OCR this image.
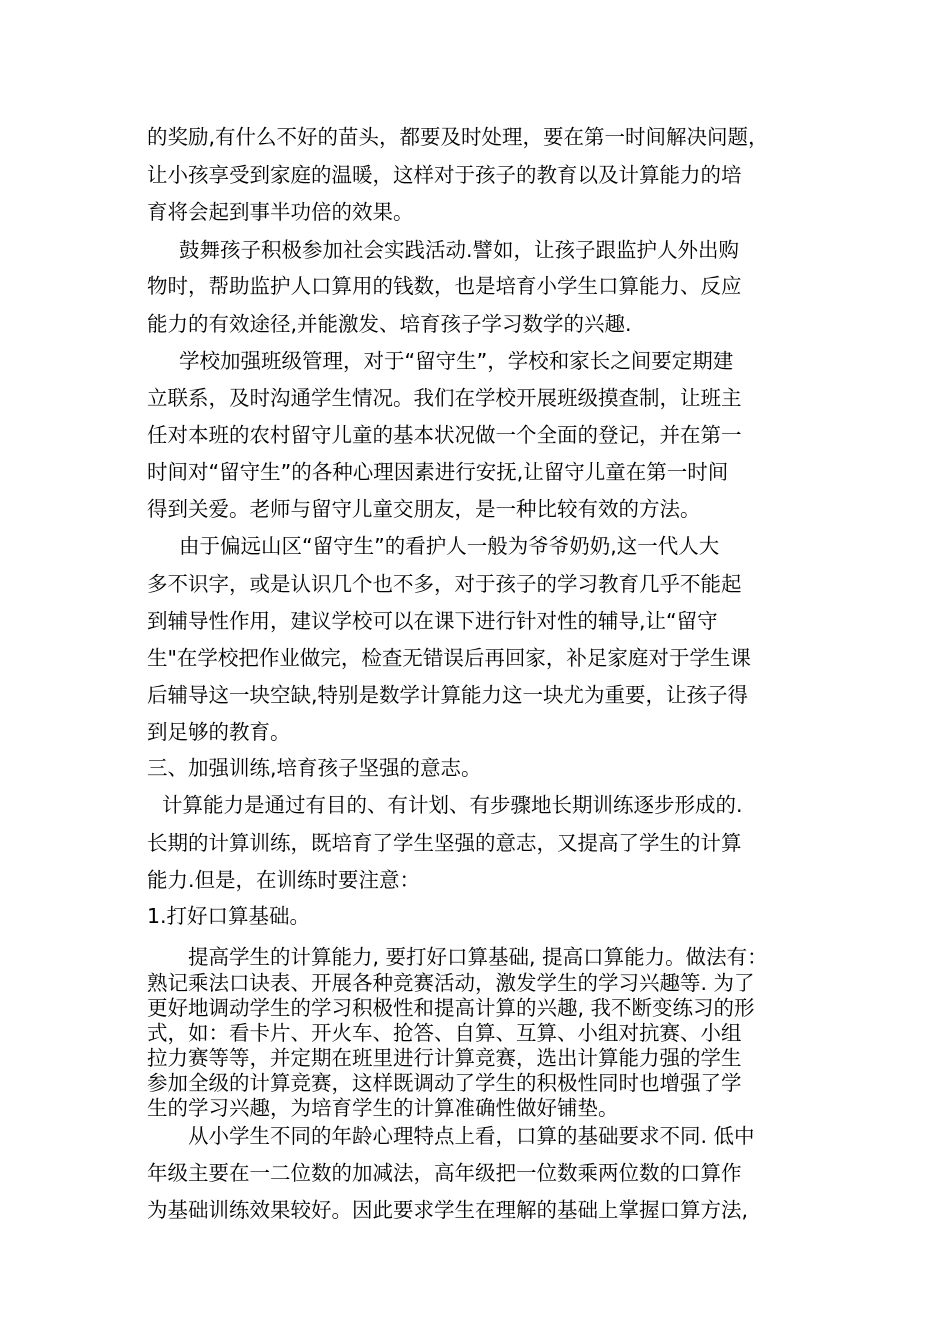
的奖励,有什么不好的苗头，都要及时处理，要在第一时间解决问题，

让小孩享受到家庭的温暖，这样对于孩子的教育以及计算能力的培

育将会起到事半功倍的效果。

鼓舞孩子积极参加社会实践活动.譬如，让孩子跟监护人外出购

物时，帮助监护人口算用的钱数，也是培育小学生口算能力、反应

能力的有效途径,并能激发、培育孩子学习数学的兴趣.

学校加强班级管理，对于“留守生”，学校和家长之间要定期建

立联系，及时沟通学生情况。我们在学校开展班级摸查制，让班主

任对本班的农村留守儿童的基本状况做一个全面的登记，并在第一

时间对“留守生”的各种心理因素进行安抚,让留守儿童在第一时间

得到关爱。老师与留守儿童交朋友，是一种比较有效的方法。

由于偏远山区“留守生”的看护人一般为爷爷奶奶,这一代人大

多不识字，或是认识几个也不多，对于孩子的学习教育几乎不能起

到辅导性作用，建议学校可以在课下进行针对性的辅导,让“留守

生"在学校把作业做完，检查无错误后再回家，补足家庭对于学生课

后辅导这一块空缺,特别是数学计算能力这一块尤为重要，让孩子得

到足够的教育。

三、加强训练,培育孩子坚强的意志。

计算能力是通过有目的、有计划、有步骤地长期训练逐步形成的.

长期的计算训练，既培育了学生坚强的意志，又提高了学生的计算

能力.但是，在训练时要注意：

1.打好口算基础。

提高学生的计算能力, 要打好口算基础, 提高口算能力。做法有：

熟记乘法口诀表、开展各种竞赛活动，激发学生的学习兴趣等. 为了

更好地调动学生的学习积极性和提高计算的兴趣, 我不断变练习的形

式，如：看卡片、开火车、抢答、自算、互算、小组对抗赛、小组

拉力赛等等，并定期在班里进行计算竞赛，选出计算能力强的学生

参加全级的计算竞赛，这样既调动了学生的积极性同时也增强了学

生的学习兴趣，为培育学生的计算准确性做好铺垫。

从小学生不同的年龄心理特点上看，口算的基础要求不同. 低中

年级主要在一二位数的加减法，高年级把一位数乘两位数的口算作

为基础训练效果较好。因此要求学生在理解的基础上掌握口算方法,
